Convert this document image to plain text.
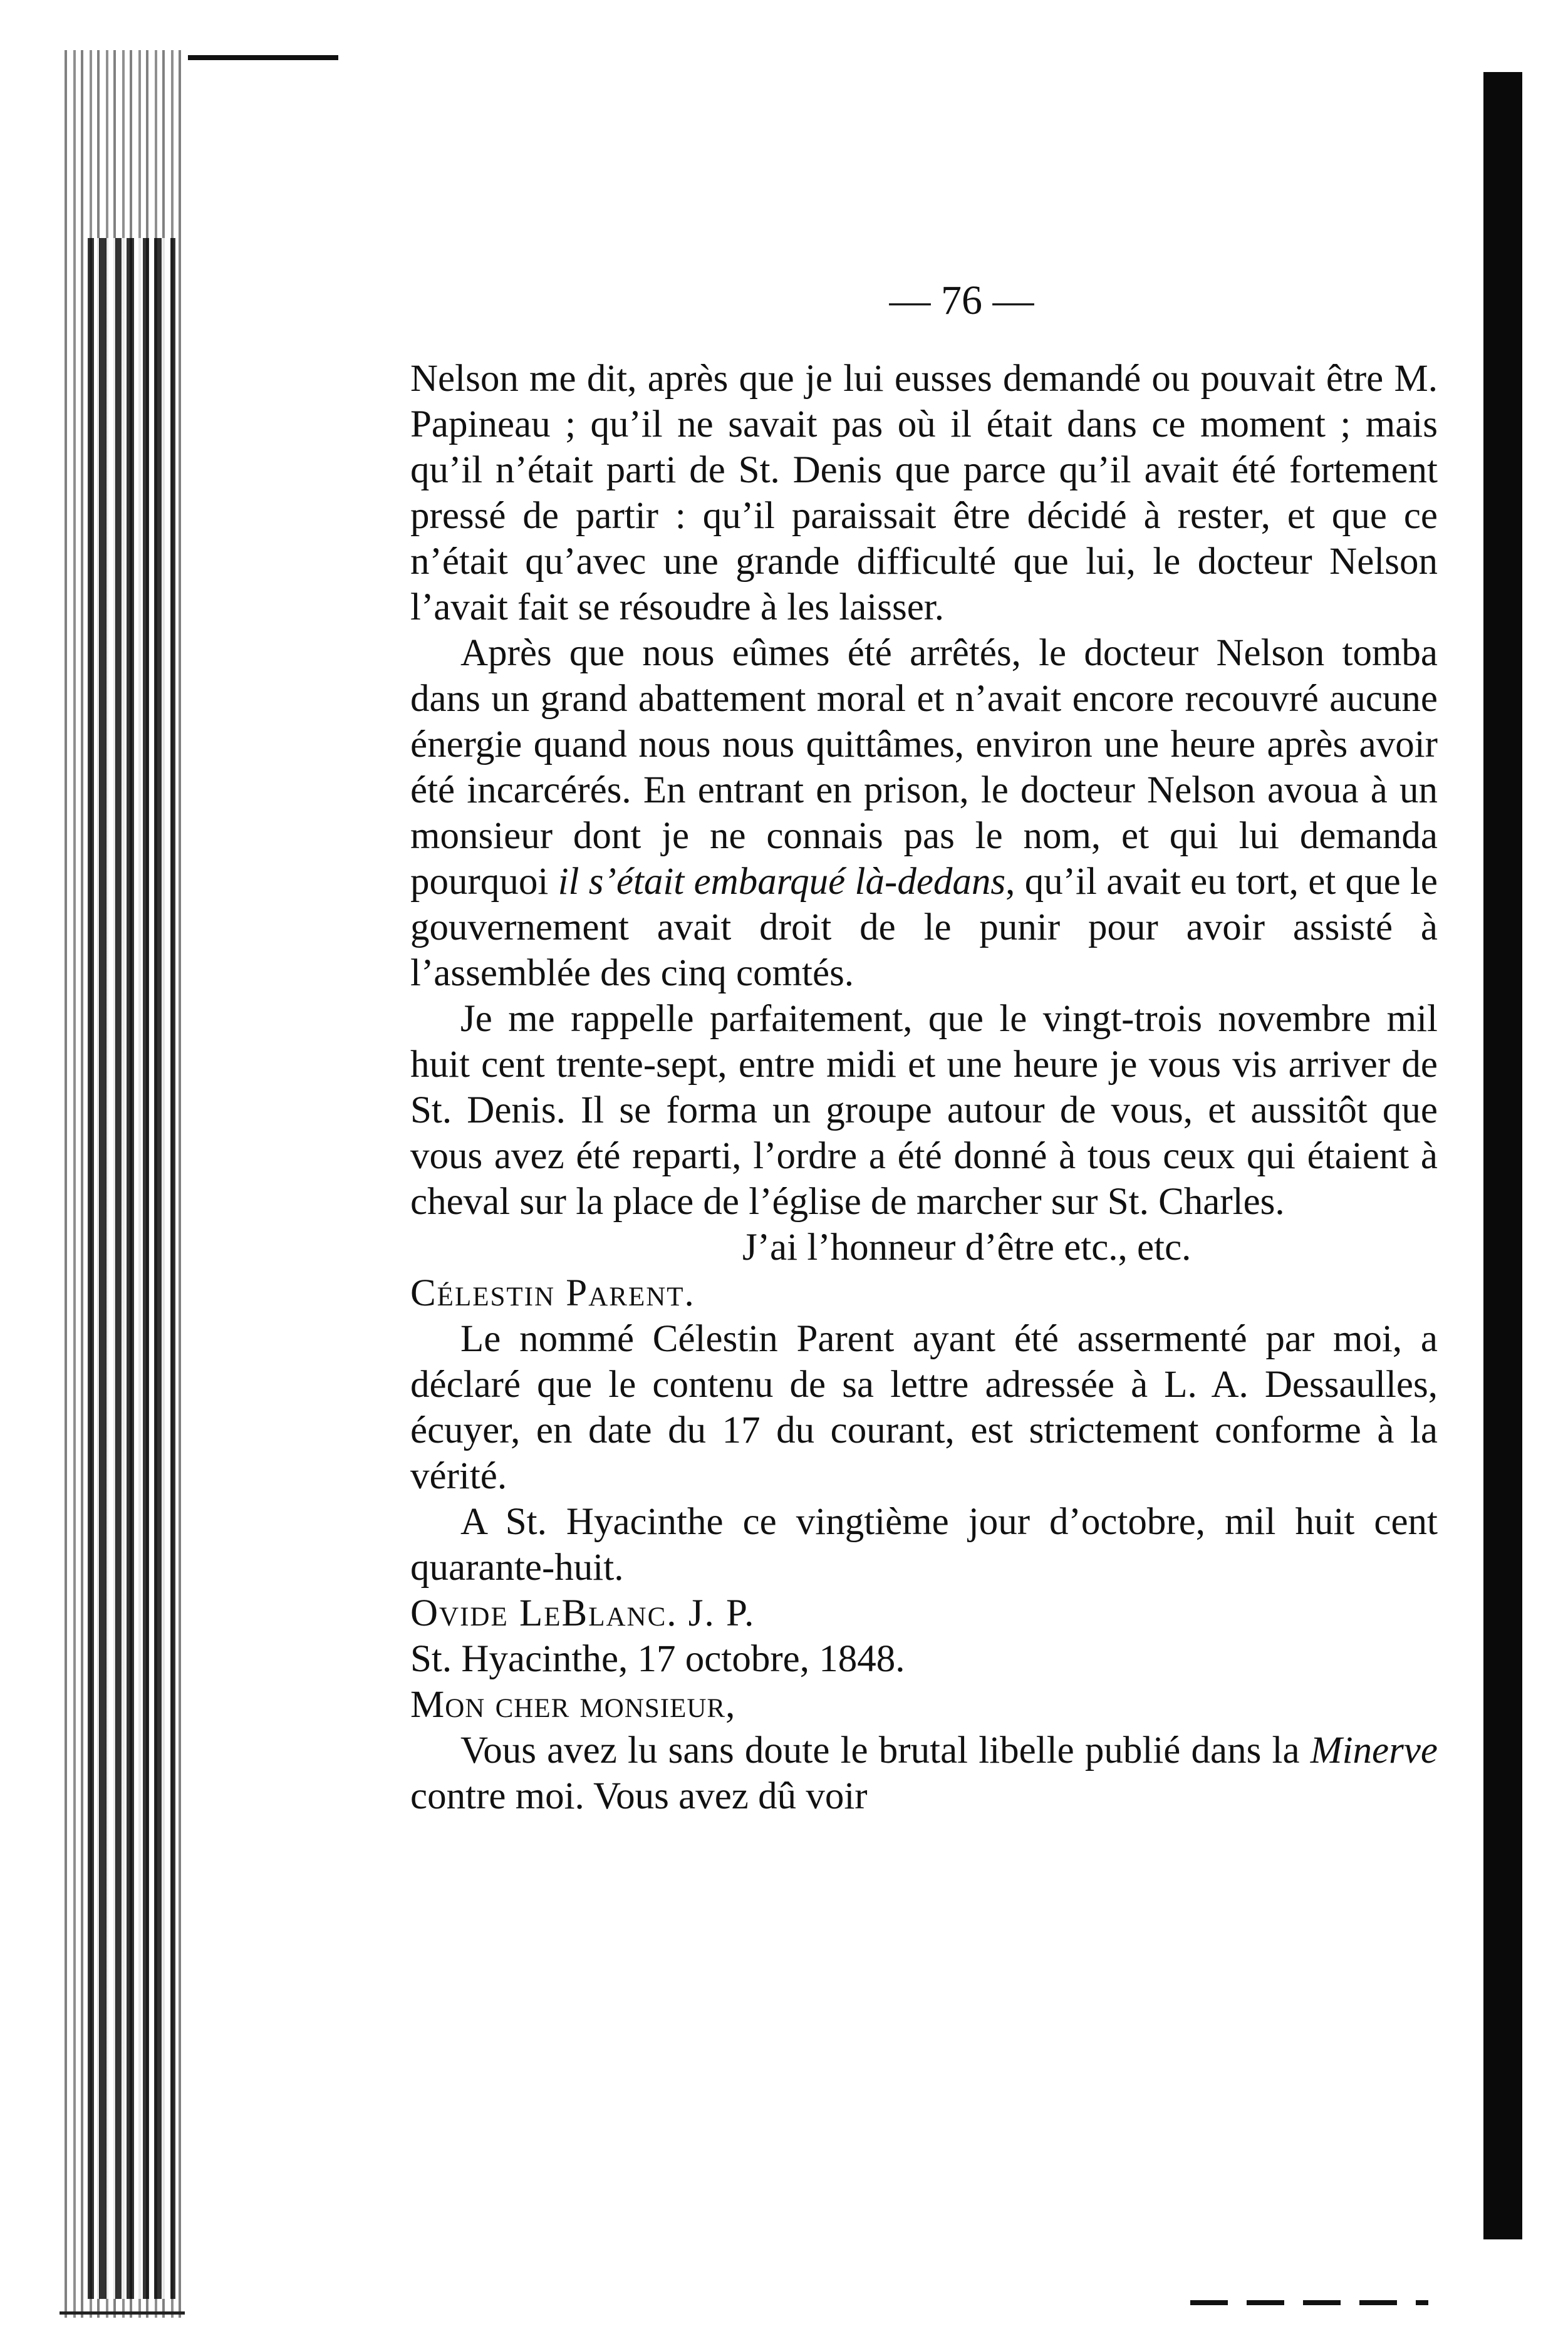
— 76 —

Nelson me dit, après que je lui eusses demandé ou pouvait être M. Papineau ; qu’il ne savait pas où il était dans ce moment ; mais qu’il n’était parti de St. Denis que parce qu’il avait été fortement pressé de partir : qu’il paraissait être décidé à rester, et que ce n’était qu’avec une grande difficulté que lui, le docteur Nelson l’avait fait se résoudre à les laisser.

Après que nous eûmes été arrêtés, le docteur Nelson tomba dans un grand abattement moral et n’avait encore recouvré aucune énergie quand nous nous quittâmes, environ une heure après avoir été incarcérés. En entrant en prison, le docteur Nelson avoua à un monsieur dont je ne connais pas le nom, et qui lui demanda pourquoi il s’était embarqué là-dedans, qu’il avait eu tort, et que le gouvernement avait droit de le punir pour avoir assisté à l’assemblée des cinq comtés.

Je me rappelle parfaitement, que le vingt-trois novembre mil huit cent trente-sept, entre midi et une heure je vous vis arriver de St. Denis. Il se forma un groupe autour de vous, et aussitôt que vous avez été reparti, l’ordre a été donné à tous ceux qui étaient à cheval sur la place de l’église de marcher sur St. Charles.

J’ai l’honneur d’être etc., etc.

Célestin Parent.

Le nommé Célestin Parent ayant été assermenté par moi, a déclaré que le contenu de sa lettre adressée à L. A. Dessaulles, écuyer, en date du 17 du courant, est strictement conforme à la vérité.

A St. Hyacinthe ce vingtième jour d’octobre, mil huit cent quarante-huit.

Ovide LeBlanc. J. P.

St. Hyacinthe, 17 octobre, 1848.

Mon cher monsieur,

Vous avez lu sans doute le brutal libelle publié dans la Minerve contre moi. Vous avez dû voir
